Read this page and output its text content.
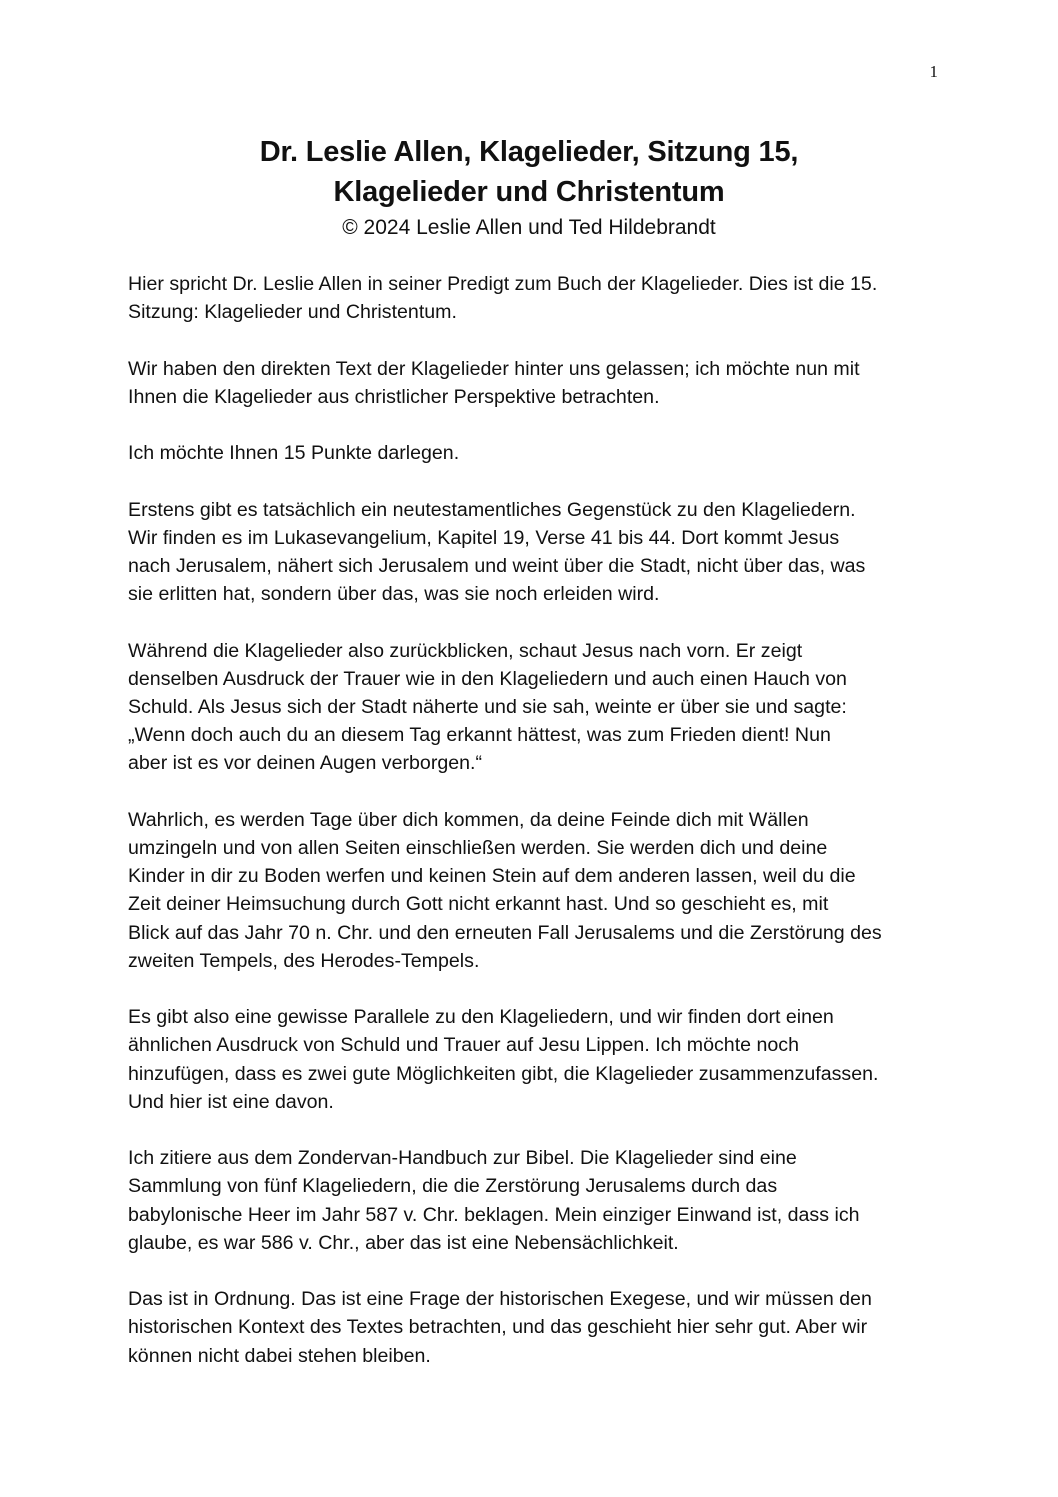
1
Dr. Leslie Allen, Klagelieder, Sitzung 15,
Klagelieder und Christentum
© 2024 Leslie Allen und Ted Hildebrandt
Hier spricht Dr. Leslie Allen in seiner Predigt zum Buch der Klagelieder. Dies ist die 15.
Sitzung: Klagelieder und Christentum.
Wir haben den direkten Text der Klagelieder hinter uns gelassen; ich möchte nun mit
Ihnen die Klagelieder aus christlicher Perspektive betrachten.
Ich möchte Ihnen 15 Punkte darlegen.
Erstens gibt es tatsächlich ein neutestamentliches Gegenstück zu den Klageliedern.
Wir finden es im Lukasevangelium, Kapitel 19, Verse 41 bis 44. Dort kommt Jesus
nach Jerusalem, nähert sich Jerusalem und weint über die Stadt, nicht über das, was
sie erlitten hat, sondern über das, was sie noch erleiden wird.
Während die Klagelieder also zurückblicken, schaut Jesus nach vorn. Er zeigt
denselben Ausdruck der Trauer wie in den Klageliedern und auch einen Hauch von
Schuld. Als Jesus sich der Stadt näherte und sie sah, weinte er über sie und sagte:
„Wenn doch auch du an diesem Tag erkannt hättest, was zum Frieden dient! Nun
aber ist es vor deinen Augen verborgen.“
Wahrlich, es werden Tage über dich kommen, da deine Feinde dich mit Wällen
umzingeln und von allen Seiten einschließen werden. Sie werden dich und deine
Kinder in dir zu Boden werfen und keinen Stein auf dem anderen lassen, weil du die
Zeit deiner Heimsuchung durch Gott nicht erkannt hast. Und so geschieht es, mit
Blick auf das Jahr 70 n. Chr. und den erneuten Fall Jerusalems und die Zerstörung des
zweiten Tempels, des Herodes-Tempels.
Es gibt also eine gewisse Parallele zu den Klageliedern, und wir finden dort einen
ähnlichen Ausdruck von Schuld und Trauer auf Jesu Lippen. Ich möchte noch
hinzufügen, dass es zwei gute Möglichkeiten gibt, die Klagelieder zusammenzufassen.
Und hier ist eine davon.
Ich zitiere aus dem Zondervan-Handbuch zur Bibel. Die Klagelieder sind eine
Sammlung von fünf Klageliedern, die die Zerstörung Jerusalems durch das
babylonische Heer im Jahr 587 v. Chr. beklagen. Mein einziger Einwand ist, dass ich
glaube, es war 586 v. Chr., aber das ist eine Nebensächlichkeit.
Das ist in Ordnung. Das ist eine Frage der historischen Exegese, und wir müssen den
historischen Kontext des Textes betrachten, und das geschieht hier sehr gut. Aber wir
können nicht dabei stehen bleiben.
